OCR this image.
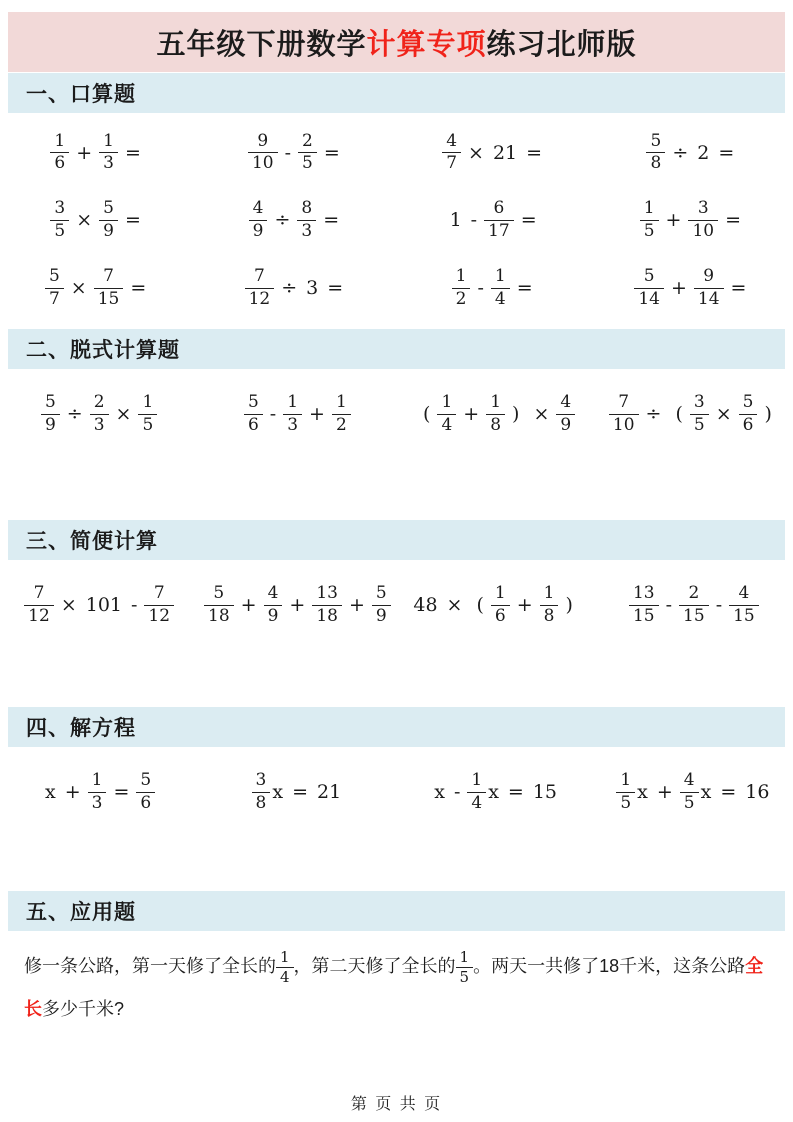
五年级下册数学计算专项练习北师版
一、口算题
$\frac{1}{6} + \frac{1}{3}$ =	$\frac{9}{10} - \frac{2}{5}$ =	$\frac{4}{7} \times 21$ =	$\frac{5}{8} \div 2$ =
$\frac{3}{5} \times \frac{5}{9}$ =	$\frac{4}{9} \div \frac{8}{3}$ =	$1 - \frac{6}{17}$ =	$\frac{1}{5} + \frac{3}{10}$ =
$\frac{5}{7} \times \frac{7}{15}$ =	$\frac{7}{12} \div 3$ =	$\frac{1}{2} - \frac{1}{4}$ =	$\frac{5}{14} + \frac{9}{14}$ =
二、脱式计算题
$\frac{5}{9} \div \frac{2}{3} \times \frac{1}{5}$	$\frac{5}{6} - \frac{1}{3} + \frac{1}{2}$	( $\frac{1}{4} + \frac{1}{8}$ ) × $\frac{4}{9} \frac{7}{10}$ ÷ ( $\frac{3}{5} \times \frac{5}{6}$ )
三、简便计算
$\frac{7}{12} \times 101 - \frac{7}{12} \frac{5}{18} + \frac{4}{9} + \frac{13}{18} + \frac{5}{9} 48$ × ( $\frac{1}{6} + \frac{1}{8}$ )	$\frac{13}{15} - \frac{2}{15} - \frac{4}{15}$
四、解方程
$x + \frac{1}{3} = \frac{5}{6}$	$\frac{3}{8}$ x = 21	x - $\frac{1}{4}$ x = 15	$\frac{1}{5}$ $x + \frac{4}{5}$ x = 16
五、应用题

修一条公路，第一天修了全长的 $\frac{1}{4}$ ，第二天修了全长的 $\frac{1}{5}$ 。两天一共修了18千米，这条公路全长多少千米?

第 页 共 页
